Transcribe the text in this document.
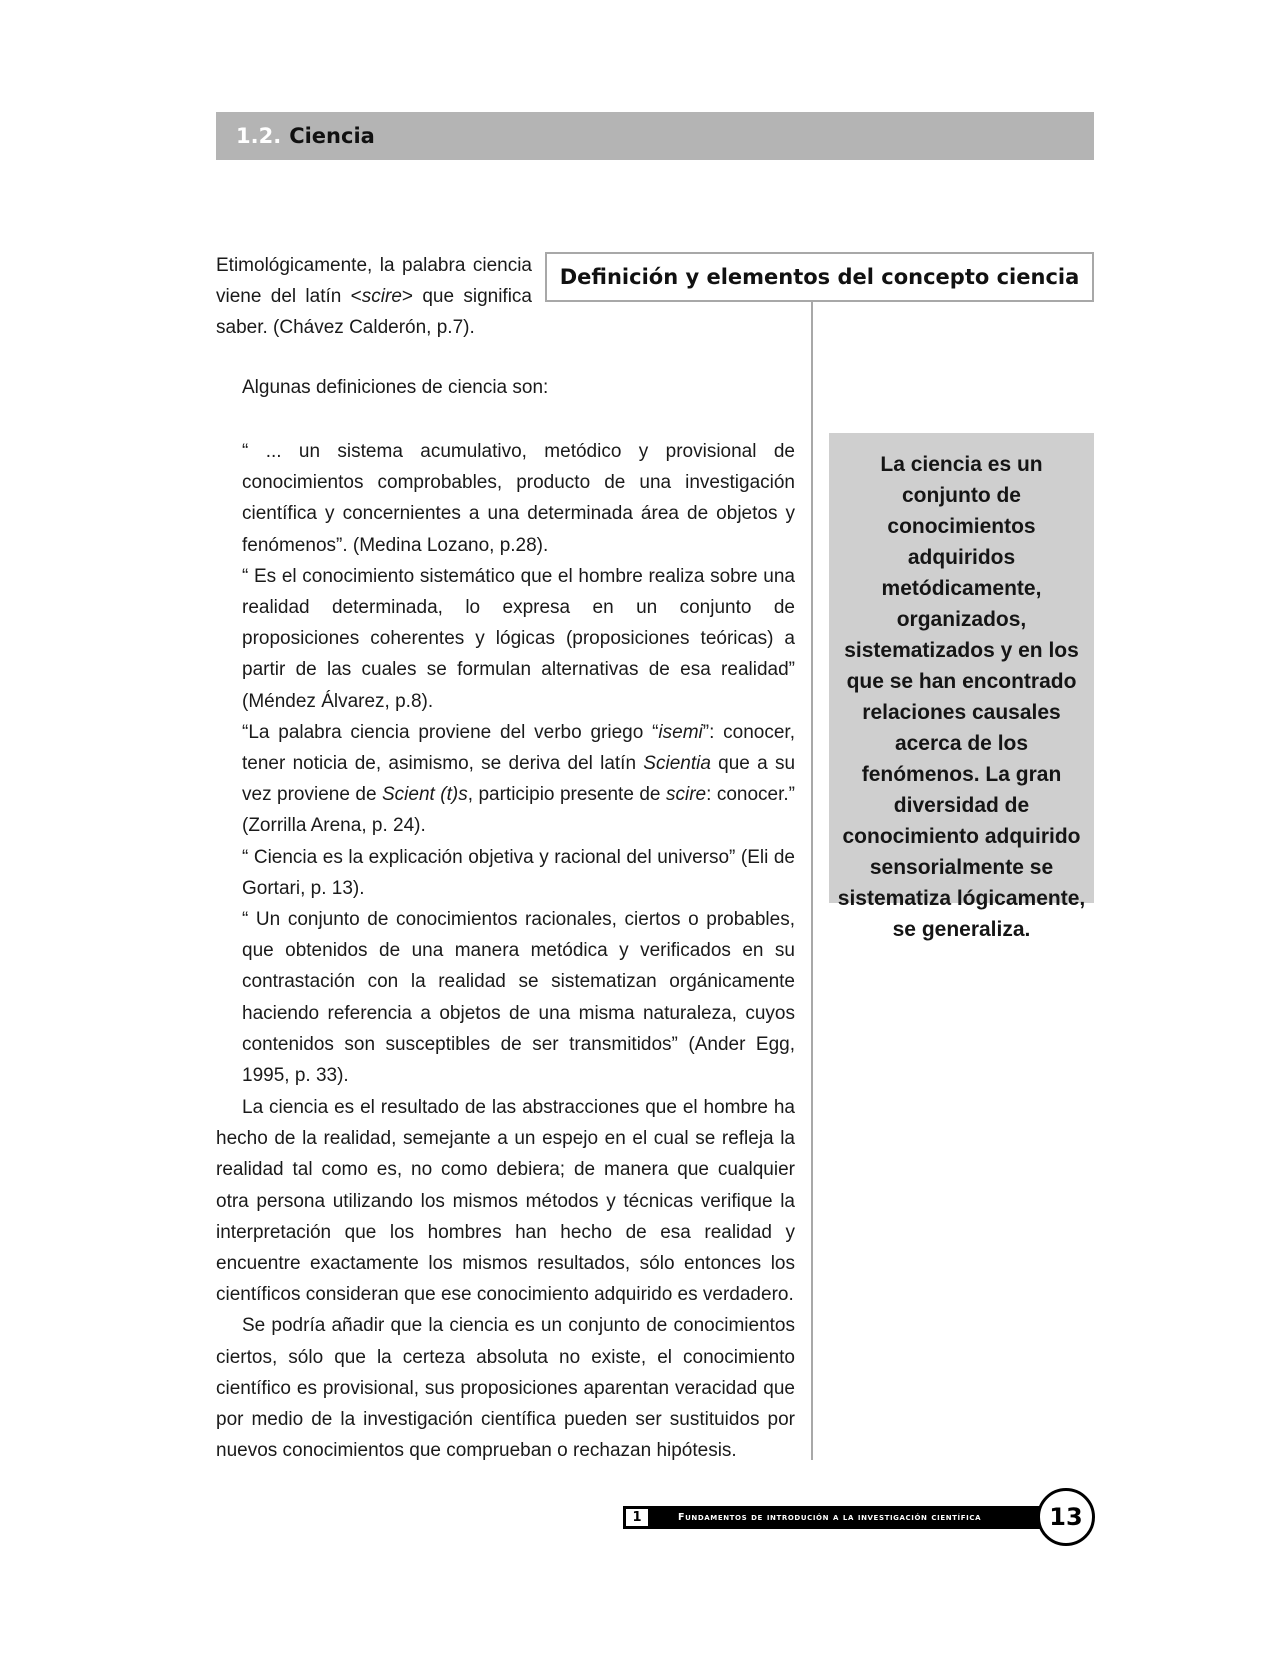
1.2. Ciencia

Etimológicamente, la palabra ciencia viene del latín <scire> que significa saber. (Chávez Calderón, p.7).

Definición y elementos del concepto ciencia

Algunas definiciones de ciencia son:

“ ... un sistema acumulativo, metódico y provisional de conocimientos comprobables, producto de una investigación científica y concernientes a una determinada área de objetos y fenómenos”. (Medina Lozano, p.28).

“ Es el conocimiento sistemático que el hombre realiza sobre una realidad determinada, lo expresa en un conjunto de proposiciones coherentes y lógicas (proposiciones teóricas) a partir de las cuales se formulan alternativas de esa realidad” (Méndez Álvarez, p.8).

“La palabra ciencia proviene del verbo griego “isemi”: conocer, tener noticia de, asimismo, se deriva del latín Scientia que a su vez proviene de Scient (t)s, participio presente de scire: conocer.” (Zorrilla Arena, p. 24).

“ Ciencia es la explicación objetiva y racional del universo” (Eli de Gortari, p. 13).

“ Un conjunto de conocimientos racionales, ciertos o probables, que obtenidos de una manera metódica y verificados en su contrastación con la realidad se sistematizan orgánicamente haciendo referencia a objetos de una misma naturaleza, cuyos contenidos son susceptibles de ser transmitidos” (Ander Egg, 1995, p. 33).

La ciencia es el resultado de las abstracciones que el hombre ha hecho de la realidad, semejante a un espejo en el cual se refleja la realidad tal como es, no como debiera; de manera que cualquier otra persona utilizando los mismos métodos y técnicas verifique la interpretación que los hombres han hecho de esa realidad y encuentre exactamente los mismos resultados, sólo entonces los científicos consideran que ese conocimiento adquirido es verdadero.

Se podría añadir que la ciencia es un conjunto de conocimientos ciertos, sólo que la certeza absoluta no existe, el conocimiento científico es provisional, sus proposiciones aparentan veracidad que por medio de la investigación científica pueden ser sustituidos por nuevos conocimientos que comprueban o rechazan hipótesis.

La ciencia es un conjunto de conocimientos adquiridos metódicamente, organizados, sistematizados y en los que se han encontrado relaciones causales acerca de los fenómenos. La gran diversidad de conocimiento adquirido sensorialmente se sistematiza lógicamente, se generaliza.
1	Fundamentos de introdución a la investigación científica	13
